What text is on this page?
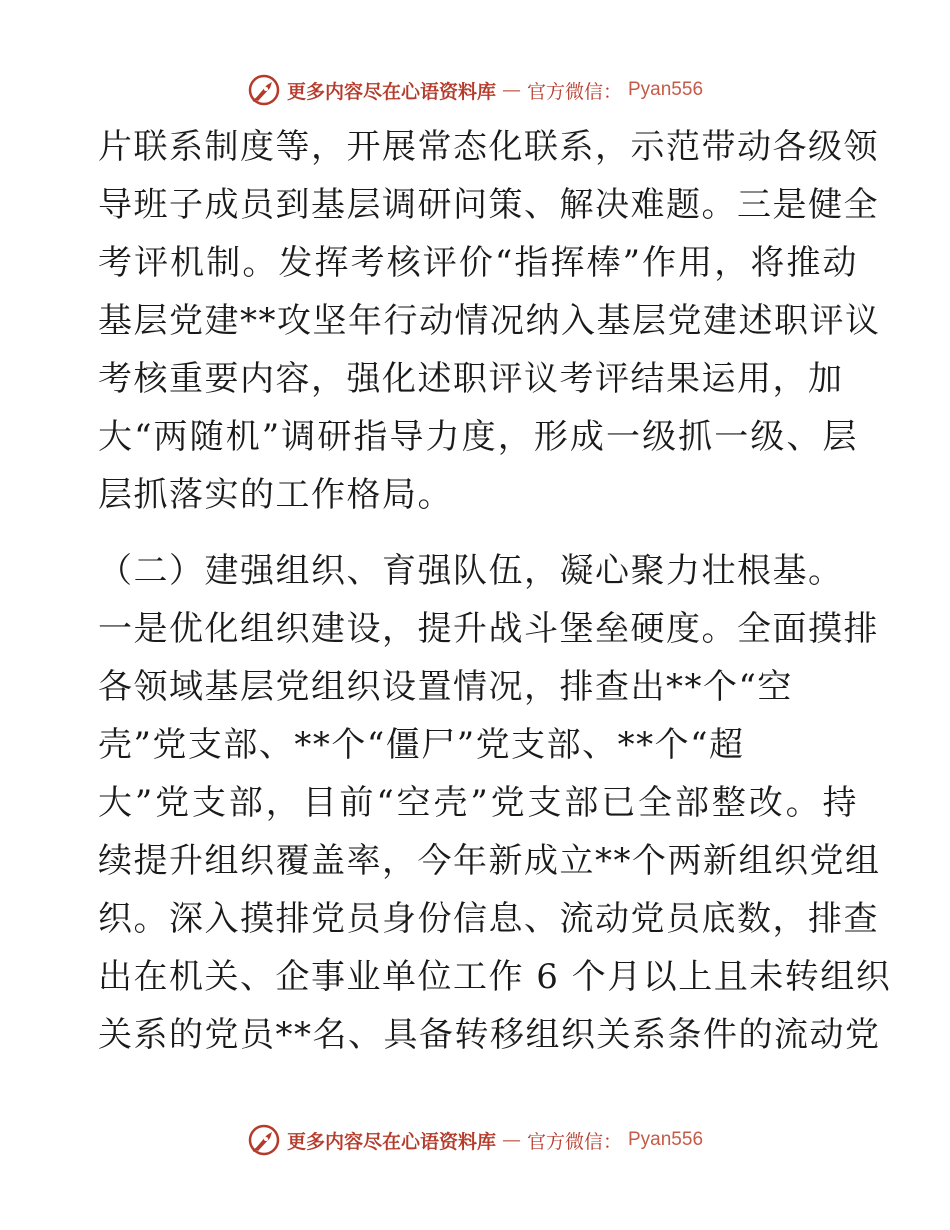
更多内容尽在心语资料库 — 官方微信： Pyan556
片联系制度等，开展常态化联系，示范带动各级领
导班子成员到基层调研问策、解决难题。三是健全
考评机制。发挥考核评价“指挥棒”作用，将推动
基层党建**攻坚年行动情况纳入基层党建述职评议
考核重要内容，强化述职评议考评结果运用，加
大“两随机”调研指导力度，形成一级抓一级、层
层抓落实的工作格局。
（二）建强组织、育强队伍，凝心聚力壮根基。
一是优化组织建设，提升战斗堡垒硬度。全面摸排
各领域基层党组织设置情况，排查出**个“空
壳”党支部、**个“僵尸”党支部、**个“超
大”党支部，目前“空壳”党支部已全部整改。持
续提升组织覆盖率，今年新成立**个两新组织党组
织。深入摸排党员身份信息、流动党员底数，排查
出在机关、企事业单位工作 6 个月以上且未转组织
关系的党员**名、具备转移组织关系条件的流动党
更多内容尽在心语资料库 — 官方微信： Pyan556
